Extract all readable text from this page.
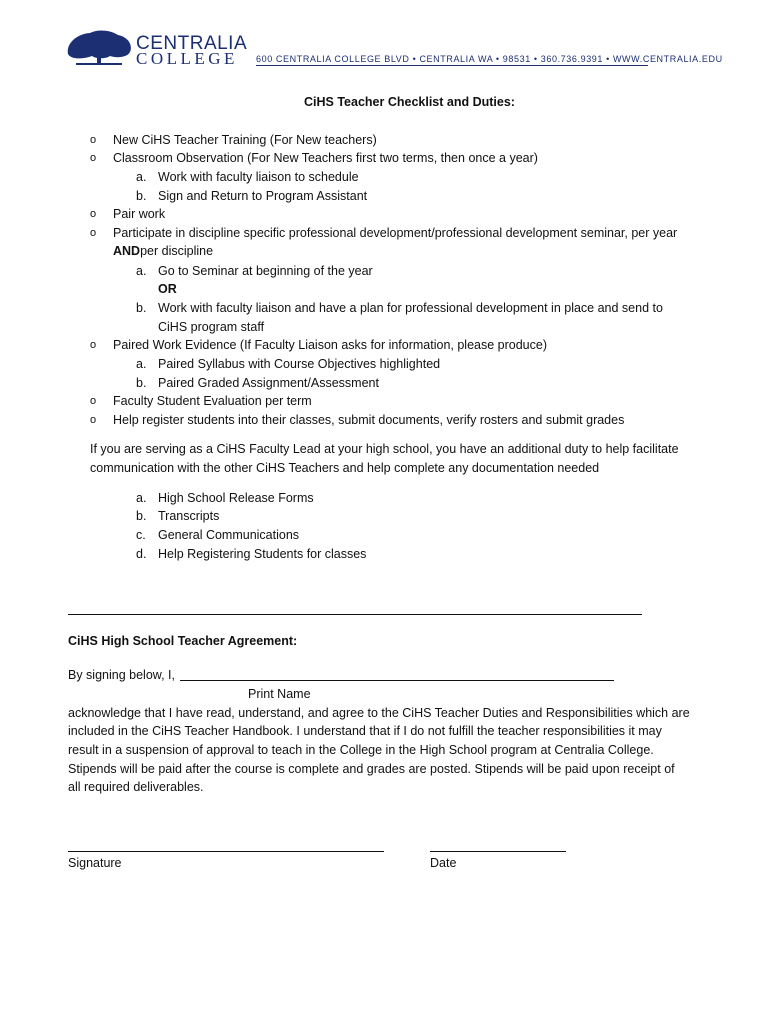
CENTRALIA
COLLEGE 600 CENTRALIA COLLEGE BLVD • CENTRALIA WA • 98531 • 360.736.9391 • WWW.CENTRALIA.EDU
CiHS Teacher Checklist and Duties:
o New CiHS Teacher Training (For New teachers)
o Classroom Observation (For New Teachers first two terms, then once a year)
a. Work with faculty liaison to schedule
b. Sign and Return to Program Assistant
o Pair work
o Participate in discipline specific professional development/professional development seminar, per year
ANDper discipline
a. Go to Seminar at beginning of the year
OR
b. Work with faculty liaison and have a plan for professional development in place and send to
CiHS program staff
o Paired Work Evidence (If Faculty Liaison asks for information, please produce)
a. Paired Syllabus with Course Objectives highlighted
b. Paired Graded Assignment/Assessment
o Faculty Student Evaluation per term
o Help register students into their classes, submit documents, verify rosters and submit grades
If you are serving as a CiHS Faculty Lead at your high school, you have an additional duty to help facilitate
communication with the other CiHS Teachers and help complete any documentation needed
a. High School Release Forms
b. Transcripts
c. General Communications
d. Help Registering Students for classes
CiHS High School Teacher Agreement:
By signing below, I,
Print Name
acknowledge that I have read, understand, and agree to the CiHS Teacher Duties and Responsibilities which are
included in the CiHS Teacher Handbook. I understand that if I do not fulfill the teacher responsibilities it may
result in a suspension of approval to teach in the College in the High School program at Centralia College.
Stipends will be paid after the course is complete and grades are posted. Stipends will be paid upon receipt of
all required deliverables.
Signature	Date
